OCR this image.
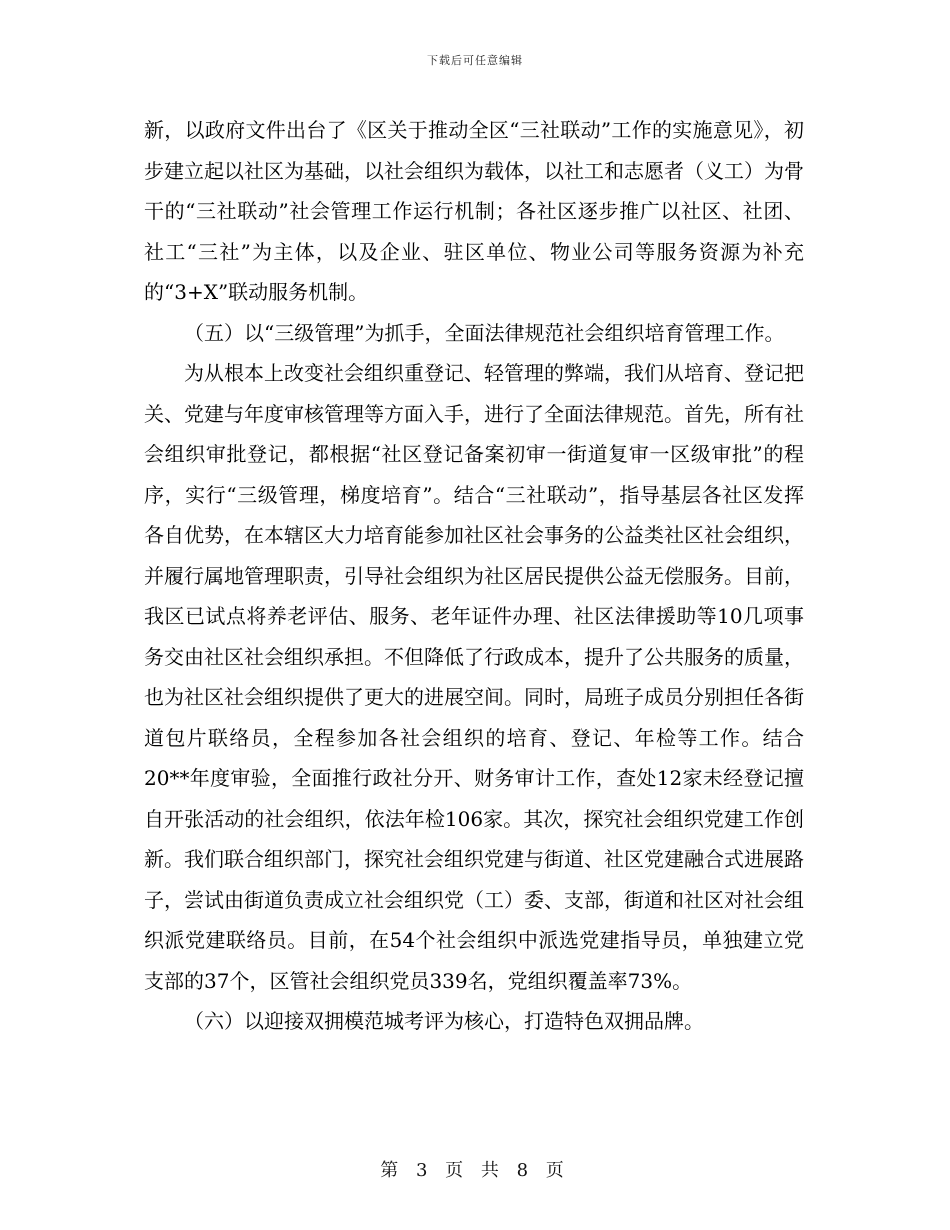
下载后可任意编辑

新，以政府文件出台了《区关于推动全区“三社联动”工作的实施意见》，初步建立起以社区为基础，以社会组织为载体，以社工和志愿者（义工）为骨干的“三社联动”社会管理工作运行机制；各社区逐步推广以社区、社团、社工“三社”为主体，以及企业、驻区单位、物业公司等服务资源为补充的“3+X”联动服务机制。

（五）以“三级管理”为抓手，全面法律规范社会组织培育管理工作。

为从根本上改变社会组织重登记、轻管理的弊端，我们从培育、登记把关、党建与年度审核管理等方面入手，进行了全面法律规范。首先，所有社会组织审批登记，都根据“社区登记备案初审一街道复审一区级审批”的程序，实行“三级管理，梯度培育”。结合“三社联动”，指导基层各社区发挥各自优势，在本辖区大力培育能参加社区社会事务的公益类社区社会组织，并履行属地管理职责，引导社会组织为社区居民提供公益无偿服务。目前，我区已试点将养老评估、服务、老年证件办理、社区法律援助等10几项事务交由社区社会组织承担。不但降低了行政成本，提升了公共服务的质量，也为社区社会组织提供了更大的进展空间。同时，局班子成员分别担任各街道包片联络员，全程参加各社会组织的培育、登记、年检等工作。结合20**年度审验，全面推行政社分开、财务审计工作，查处12家未经登记擅自开张活动的社会组织，依法年检106家。其次，探究社会组织党建工作创新。我们联合组织部门，探究社会组织党建与街道、社区党建融合式进展路子，尝试由街道负责成立社会组织党（工）委、支部，街道和社区对社会组织派党建联络员。目前，在54个社会组织中派选党建指导员，单独建立党支部的37个，区管社会组织党员339名，党组织覆盖率73%。

（六）以迎接双拥模范城考评为核心，打造特色双拥品牌。

第 3 页 共 8 页
